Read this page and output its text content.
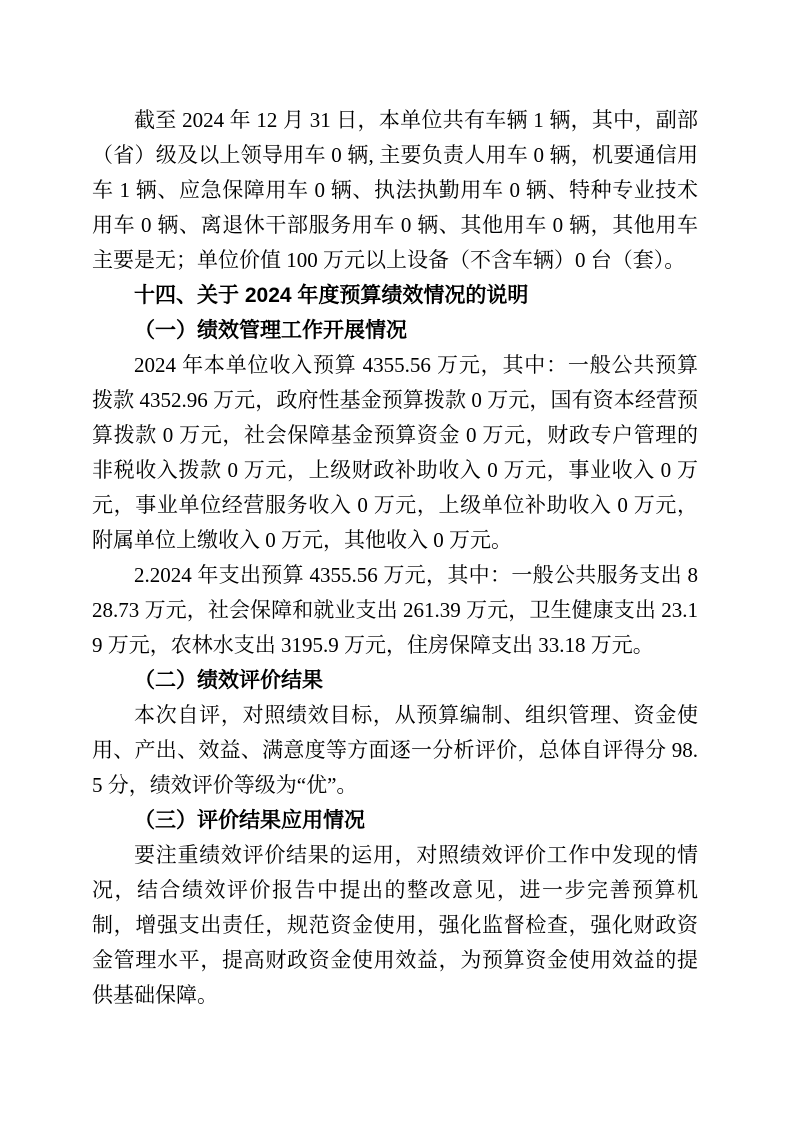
截至 2024 年 12 月 31 日，本单位共有车辆 1 辆，其中，副部（省）级及以上领导用车 0 辆, 主要负责人用车 0 辆，机要通信用车 1 辆、应急保障用车 0 辆、执法执勤用车 0 辆、特种专业技术用车 0 辆、离退休干部服务用车 0 辆、其他用车 0 辆，其他用车主要是无；单位价值 100 万元以上设备（不含车辆）0 台（套）。

十四、关于 2024 年度预算绩效情况的说明
（一）绩效管理工作开展情况

2024 年本单位收入预算 4355.56 万元，其中：一般公共预算拨款 4352.96 万元，政府性基金预算拨款 0 万元，国有资本经营预算拨款 0 万元，社会保障基金预算资金 0 万元，财政专户管理的非税收入拨款 0 万元，上级财政补助收入 0 万元，事业收入 0 万元，事业单位经营服务收入 0 万元，上级单位补助收入 0 万元，附属单位上缴收入 0 万元，其他收入 0 万元。

2.2024 年支出预算 4355.56 万元，其中：一般公共服务支出 828.73 万元，社会保障和就业支出 261.39 万元，卫生健康支出 23.19 万元，农林水支出 3195.9 万元，住房保障支出 33.18 万元。

（二）绩效评价结果

本次自评，对照绩效目标，从预算编制、组织管理、资金使用、产出、效益、满意度等方面逐一分析评价，总体自评得分 98.5 分，绩效评价等级为“优”。

（三）评价结果应用情况

要注重绩效评价结果的运用，对照绩效评价工作中发现的情况，结合绩效评价报告中提出的整改意见，进一步完善预算机制，增强支出责任，规范资金使用，强化监督检查，强化财政资金管理水平，提高财政资金使用效益，为预算资金使用效益的提供基础保障。
